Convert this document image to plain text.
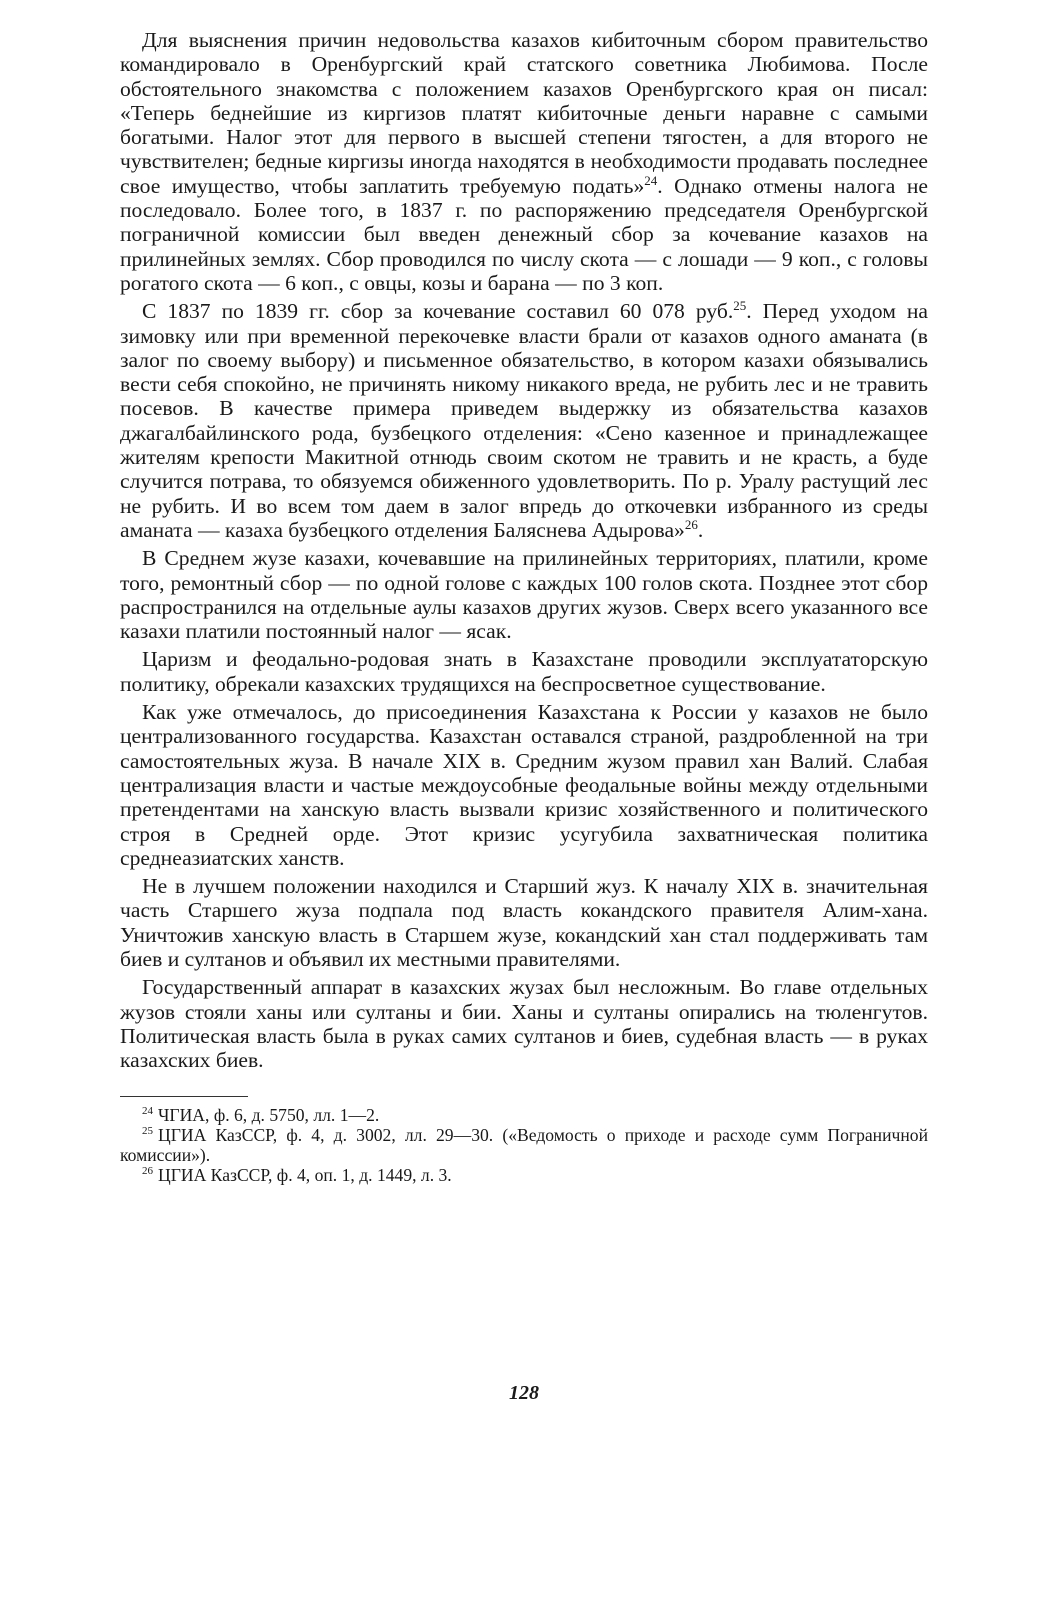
Для выяснения причин недовольства казахов кибиточным сбором правительство командировало в Оренбургский край статского советника Любимова. После обстоятельного знакомства с положением казахов Оренбургского края он писал: «Теперь беднейшие из киргизов платят кибиточные деньги наравне с самыми богатыми. Налог этот для первого в высшей степени тягостен, а для второго не чувствителен; бедные киргизы иногда находятся в необходимости продавать последнее свое имущество, чтобы заплатить требуемую подать»$^{24}$. Однако отмены налога не последовало. Более того, в 1837 г. по распоряжению председателя Оренбургской пограничной комиссии был введен денежный сбор за кочевание казахов на прилинейных землях. Сбор проводился по числу скота — с лошади — 9 коп., с головы рогатого скота — 6 коп., с овцы, козы и барана — по 3 коп.

С 1837 по 1839 гг. сбор за кочевание составил 60 078 руб.$^{25}$. Перед уходом на зимовку или при временной перекочевке власти брали от казахов одного аманата (в залог по своему выбору) и письменное обязательство, в котором казахи обязывались вести себя спокойно, не причинять никому никакого вреда, не рубить лес и не травить посевов. В качестве примера приведем выдержку из обязательства казахов джагалбайлинского рода, бузбецкого отделения: «Сено казенное и принадлежащее жителям крепости Макитной отнюдь своим скотом не травить и не красть, а буде случится потрава, то обязуемся обиженного удовлетворить. По р. Уралу растущий лес не рубить. И во всем том даем в залог впредь до откочевки избранного из среды аманата — казаха бузбецкого отделения Баляснева Адырова»$^{26}$.

В Среднем жузе казахи, кочевавшие на прилинейных территориях, платили, кроме того, ремонтный сбор — по одной голове с каждых 100 голов скота. Позднее этот сбор распространился на отдельные аулы казахов других жузов. Сверх всего указанного все казахи платили постоянный налог — ясак.

Царизм и феодально-родовая знать в Казахстане проводили эксплуататорскую политику, обрекали казахских трудящихся на беспросветное существование.

Как уже отмечалось, до присоединения Казахстана к России у казахов не было централизованного государства. Казахстан оставался страной, раздробленной на три самостоятельных жуза. В начале XIX в. Средним жузом правил хан Валий. Слабая централизация власти и частые междоусобные феодальные войны между отдельными претендентами на ханскую власть вызвали кризис хозяйственного и политического строя в Средней орде. Этот кризис усугубила захватническая политика среднеазиатских ханств.

Не в лучшем положении находился и Старший жуз. К началу XIX в. значительная часть Старшего жуза подпала под власть кокандского правителя Алим-хана. Уничтожив ханскую власть в Старшем жузе, кокандский хан стал поддерживать там биев и султанов и объявил их местными правителями.

Государственный аппарат в казахских жузах был несложным. Во главе отдельных жузов стояли ханы или султаны и бии. Ханы и султаны опирались на тюленгутов. Политическая власть была в руках самих султанов и биев, судебная власть — в руках казахских биев.

$^{24}$ ЧГИА, ф. 6, д. 5750, лл. 1—2.

$^{25}$ ЦГИА КазССР, ф. 4, д. 3002, лл. 29—30. («Ведомость о приходе и расходе сумм Пограничной комиссии»).

$^{26}$ ЦГИА КазССР, ф. 4, оп. 1, д. 1449, л. 3.

128
